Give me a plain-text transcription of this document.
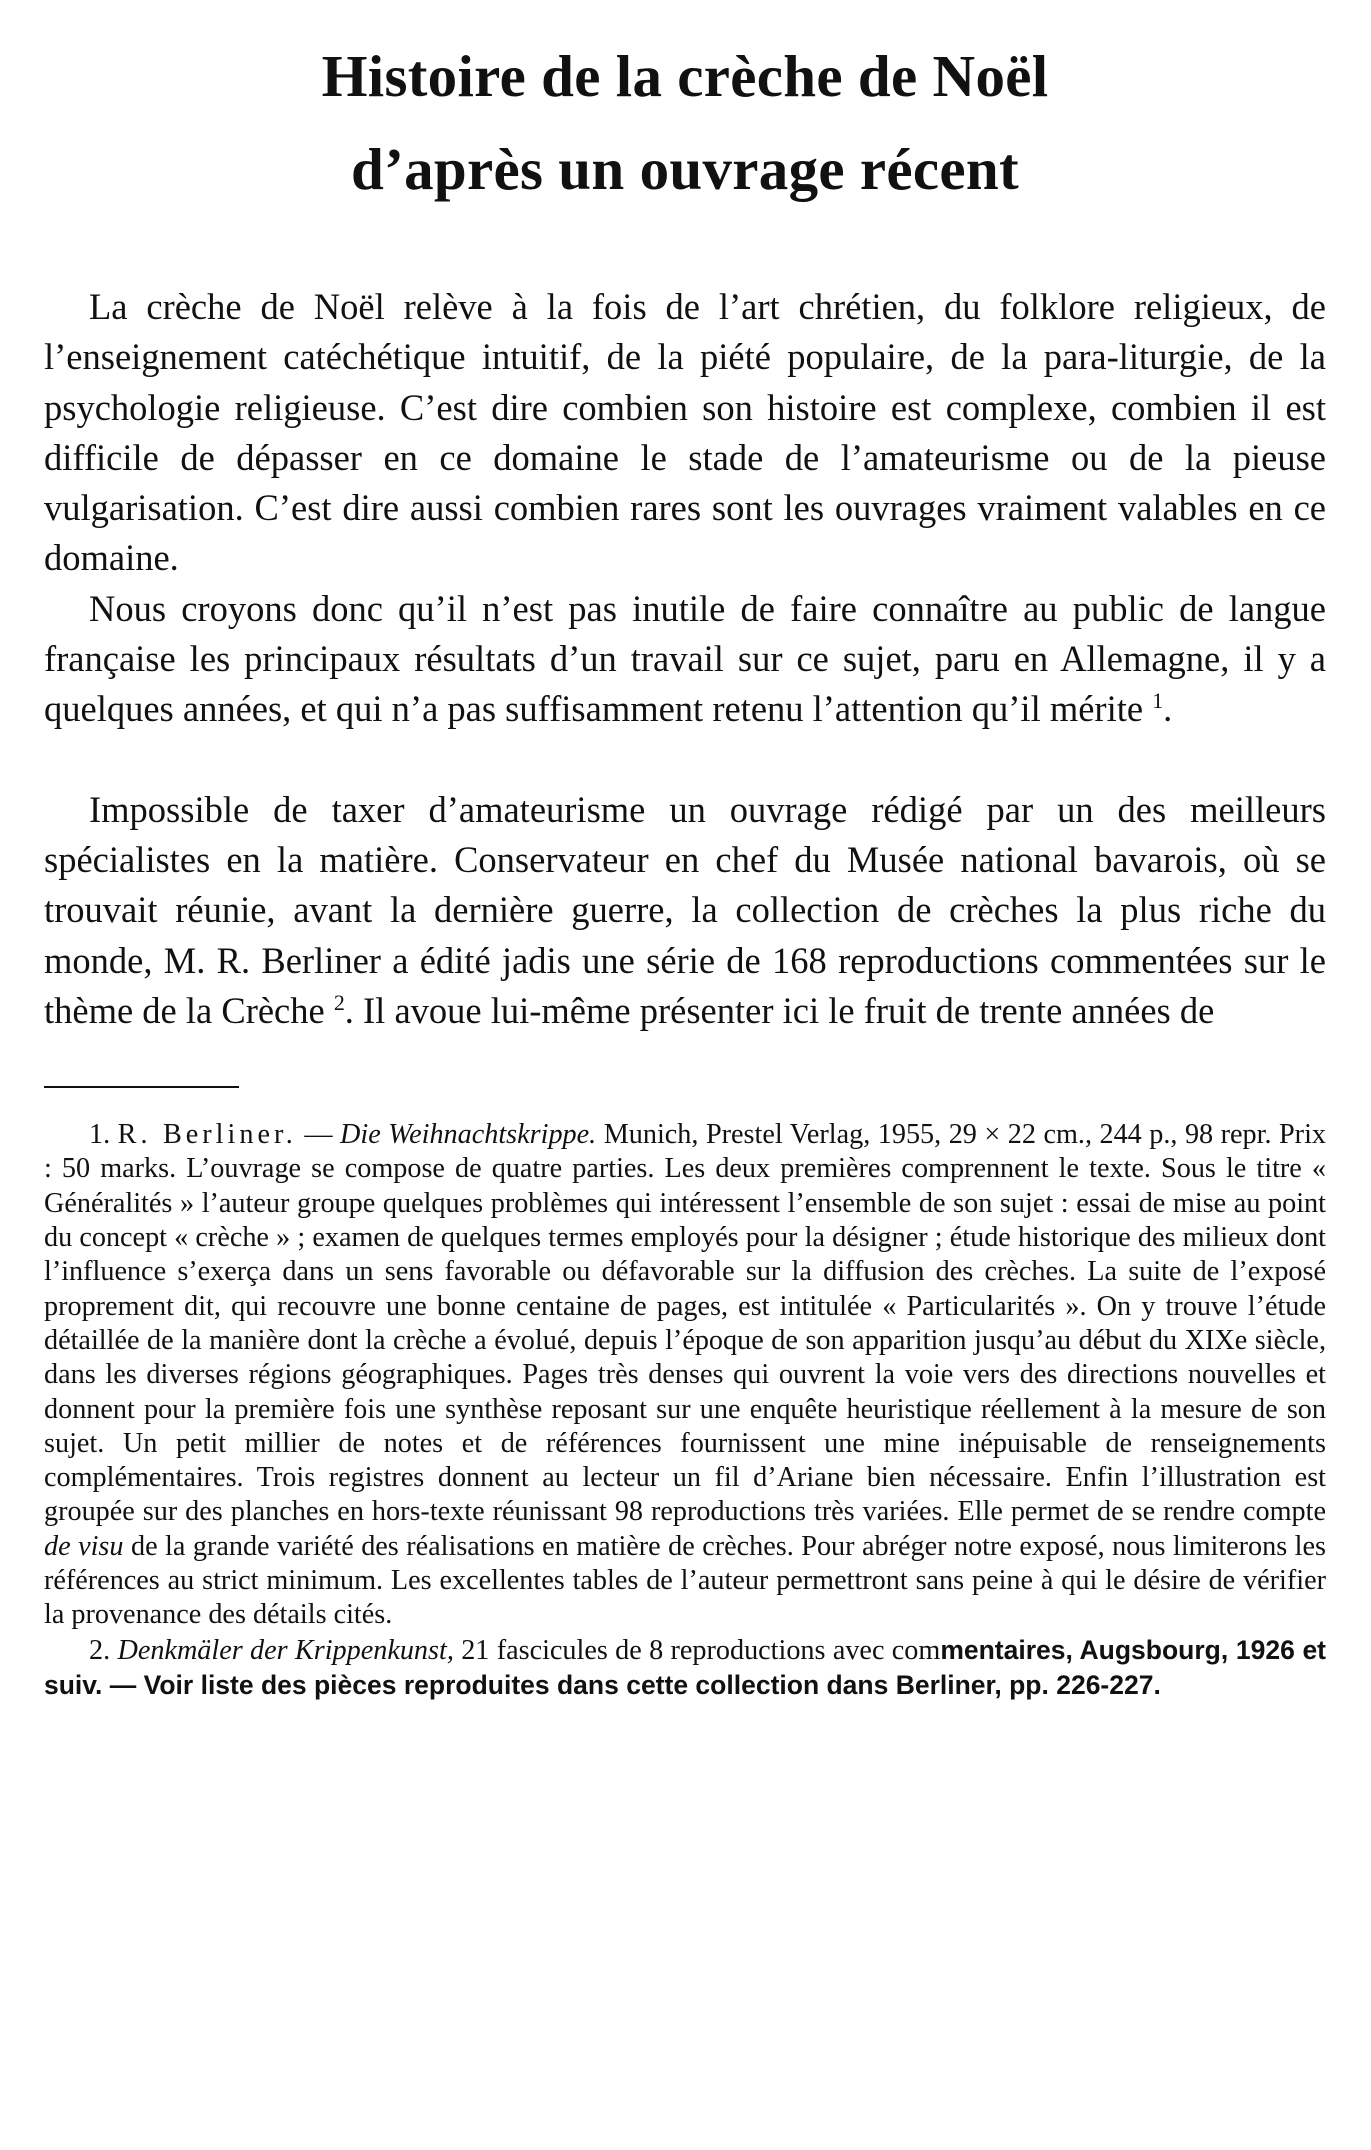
Histoire de la crèche de Noël
d’après un ouvrage récent

La crèche de Noël relève à la fois de l’art chrétien, du folklore religieux, de l’enseignement catéchétique intuitif, de la piété populaire, de la para-liturgie, de la psychologie religieuse. C’est dire combien son histoire est complexe, combien il est difficile de dépasser en ce domaine le stade de l’amateurisme ou de la pieuse vulgarisation. C’est dire aussi combien rares sont les ouvrages vraiment valables en ce domaine.

Nous croyons donc qu’il n’est pas inutile de faire connaître au public de langue française les principaux résultats d’un travail sur ce sujet, paru en Allemagne, il y a quelques années, et qui n’a pas suffisamment retenu l’attention qu’il mérite $^1$.

Impossible de taxer d’amateurisme un ouvrage rédigé par un des meilleurs spécialistes en la matière. Conservateur en chef du Musée national bavarois, où se trouvait réunie, avant la dernière guerre, la collection de crèches la plus riche du monde, M. R. Berliner a édité jadis une série de 168 reproductions commentées sur le thème de la Crèche $^2$. Il avoue lui-même présenter ici le fruit de trente années de

1. R. Berliner. — Die Weihnachtskrippe. Munich, Prestel Verlag, 1955, 29 × 22 cm., 244 p., 98 repr. Prix : 50 marks. L’ouvrage se compose de quatre parties. Les deux premières comprennent le texte. Sous le titre « Généralités » l’auteur groupe quelques problèmes qui intéressent l’ensemble de son sujet : essai de mise au point du concept « crèche » ; examen de quelques termes employés pour la désigner ; étude historique des milieux dont l’influence s’exerça dans un sens favorable ou défavorable sur la diffusion des crèches. La suite de l’exposé proprement dit, qui recouvre une bonne centaine de pages, est intitulée « Particularités ». On y trouve l’étude détaillée de la manière dont la crèche a évolué, depuis l’époque de son apparition jusqu’au début du XIXe siècle, dans les diverses régions géographiques. Pages très denses qui ouvrent la voie vers des directions nouvelles et donnent pour la première fois une synthèse reposant sur une enquête heuristique réellement à la mesure de son sujet. Un petit millier de notes et de références fournissent une mine inépuisable de renseignements complémentaires. Trois registres donnent au lecteur un fil d’Ariane bien nécessaire. Enfin l’illustration est groupée sur des planches en hors-texte réunissant 98 reproductions très variées. Elle permet de se rendre compte de visu de la grande variété des réalisations en matière de crèches. Pour abréger notre exposé, nous limiterons les références au strict minimum. Les excellentes tables de l’auteur permettront sans peine à qui le désire de vérifier la provenance des détails cités.

2. Denkmäler der Krippenkunst, 21 fascicules de 8 reproductions avec commentaires, Augsbourg, 1926 et suiv. — Voir liste des pièces reproduites dans cette collection dans Berliner, pp. 226-227.
